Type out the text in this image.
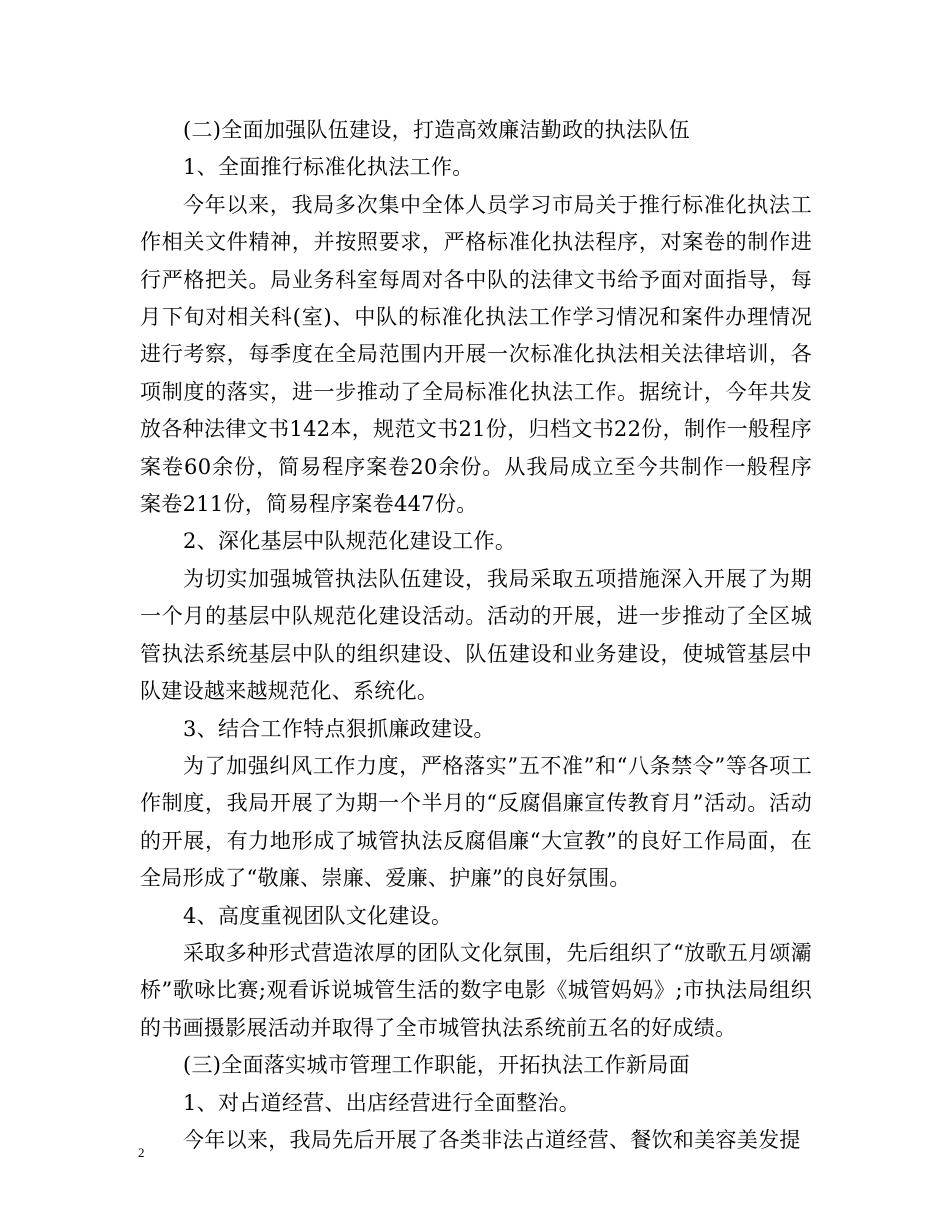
(二)全面加强队伍建设，打造高效廉洁勤政的执法队伍

1、全面推行标准化执法工作。

今年以来，我局多次集中全体人员学习市局关于推行标准化执法工作相关文件精神，并按照要求，严格标准化执法程序，对案卷的制作进行严格把关。局业务科室每周对各中队的法律文书给予面对面指导，每月下旬对相关科(室)、中队的标准化执法工作学习情况和案件办理情况进行考察，每季度在全局范围内开展一次标准化执法相关法律培训，各项制度的落实，进一步推动了全局标准化执法工作。据统计，今年共发放各种法律文书142本，规范文书21份，归档文书22份，制作一般程序案卷60余份，简易程序案卷20余份。从我局成立至今共制作一般程序案卷211份，简易程序案卷447份。

2、深化基层中队规范化建设工作。

为切实加强城管执法队伍建设，我局采取五项措施深入开展了为期一个月的基层中队规范化建设活动。活动的开展，进一步推动了全区城管执法系统基层中队的组织建设、队伍建设和业务建设，使城管基层中队建设越来越规范化、系统化。

3、结合工作特点狠抓廉政建设。

为了加强纠风工作力度，严格落实”五不准”和“八条禁令”等各项工作制度，我局开展了为期一个半月的“反腐倡廉宣传教育月”活动。活动的开展，有力地形成了城管执法反腐倡廉“大宣教”的良好工作局面，在全局形成了“敬廉、崇廉、爱廉、护廉”的良好氛围。

4、高度重视团队文化建设。

采取多种形式营造浓厚的团队文化氛围，先后组织了“放歌五月颂灞桥”歌咏比赛;观看诉说城管生活的数字电影《城管妈妈》;市执法局组织的书画摄影展活动并取得了全市城管执法系统前五名的好成绩。

(三)全面落实城市管理工作职能，开拓执法工作新局面

1、对占道经营、出店经营进行全面整治。

今年以来，我局先后开展了各类非法占道经营、餐饮和美容美发提

2
